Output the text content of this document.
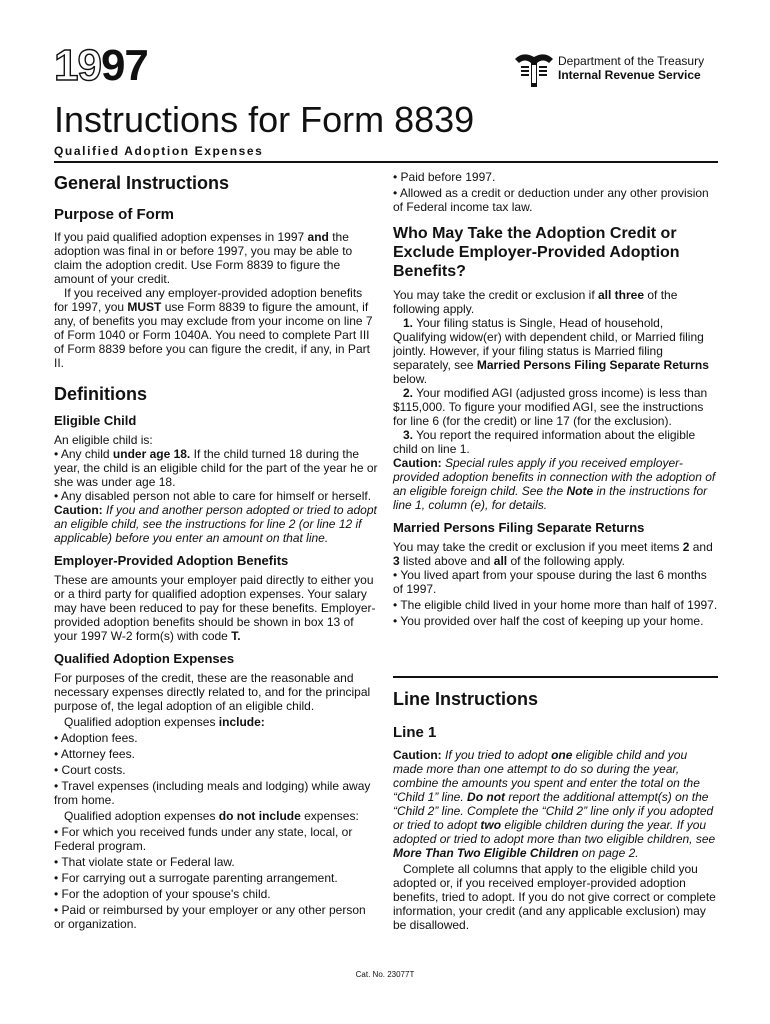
1997	Department of the Treasury
Internal Revenue Service
Instructions for Form 8839
Qualified Adoption Expenses
General Instructions
Purpose of Form

If you paid qualified adoption expenses in 1997 and the adoption was final in or before 1997, you may be able to claim the adoption credit. Use Form 8839 to figure the amount of your credit.

If you received any employer-provided adoption benefits for 1997, you MUST use Form 8839 to figure the amount, if any, of benefits you may exclude from your income on line 7 of Form 1040 or Form 1040A. You need to complete Part III of Form 8839 before you can figure the credit, if any, in Part II.

Definitions
Eligible Child

An eligible child is:

• Any child under age 18. If the child turned 18 during the year, the child is an eligible child for the part of the year he or she was under age 18.

• Any disabled person not able to care for himself or herself.

Caution: If you and another person adopted or tried to adopt an eligible child, see the instructions for line 2 (or line 12 if applicable) before you enter an amount on that line.

Employer-Provided Adoption Benefits

These are amounts your employer paid directly to either you or a third party for qualified adoption expenses. Your salary may have been reduced to pay for these benefits. Employer-provided adoption benefits should be shown in box 13 of your 1997 W-2 form(s) with code T.

Qualified Adoption Expenses

For purposes of the credit, these are the reasonable and necessary expenses directly related to, and for the principal purpose of, the legal adoption of an eligible child.

Qualified adoption expenses include:

• Adoption fees.

• Attorney fees.

• Court costs.

• Travel expenses (including meals and lodging) while away from home.

Qualified adoption expenses do not include expenses:

• For which you received funds under any state, local, or Federal program.

• That violate state or Federal law.

• For carrying out a surrogate parenting arrangement.

• For the adoption of your spouse's child.

• Paid or reimbursed by your employer or any other person or organization.

• Paid before 1997.

• Allowed as a credit or deduction under any other provision of Federal income tax law.

Who May Take the Adoption Credit or Exclude Employer-Provided Adoption Benefits?

You may take the credit or exclusion if all three of the following apply.

1. Your filing status is Single, Head of household, Qualifying widow(er) with dependent child, or Married filing jointly. However, if your filing status is Married filing separately, see Married Persons Filing Separate Returns below.

2. Your modified AGI (adjusted gross income) is less than $115,000. To figure your modified AGI, see the instructions for line 6 (for the credit) or line 17 (for the exclusion).

3. You report the required information about the eligible child on line 1.

Caution: Special rules apply if you received employer-provided adoption benefits in connection with the adoption of an eligible foreign child. See the Note in the instructions for line 1, column (e), for details.

Married Persons Filing Separate Returns

You may take the credit or exclusion if you meet items 2 and 3 listed above and all of the following apply.

• You lived apart from your spouse during the last 6 months of 1997.

• The eligible child lived in your home more than half of 1997.

• You provided over half the cost of keeping up your home.

Line Instructions
Line 1

Caution: If you tried to adopt one eligible child and you made more than one attempt to do so during the year, combine the amounts you spent and enter the total on the “Child 1” line. Do not report the additional attempt(s) on the “Child 2” line. Complete the “Child 2” line only if you adopted or tried to adopt two eligible children during the year. If you adopted or tried to adopt more than two eligible children, see More Than Two Eligible Children on page 2.

Complete all columns that apply to the eligible child you adopted or, if you received employer-provided adoption benefits, tried to adopt. If you do not give correct or complete information, your credit (and any applicable exclusion) may be disallowed.

Cat. No. 23077T
